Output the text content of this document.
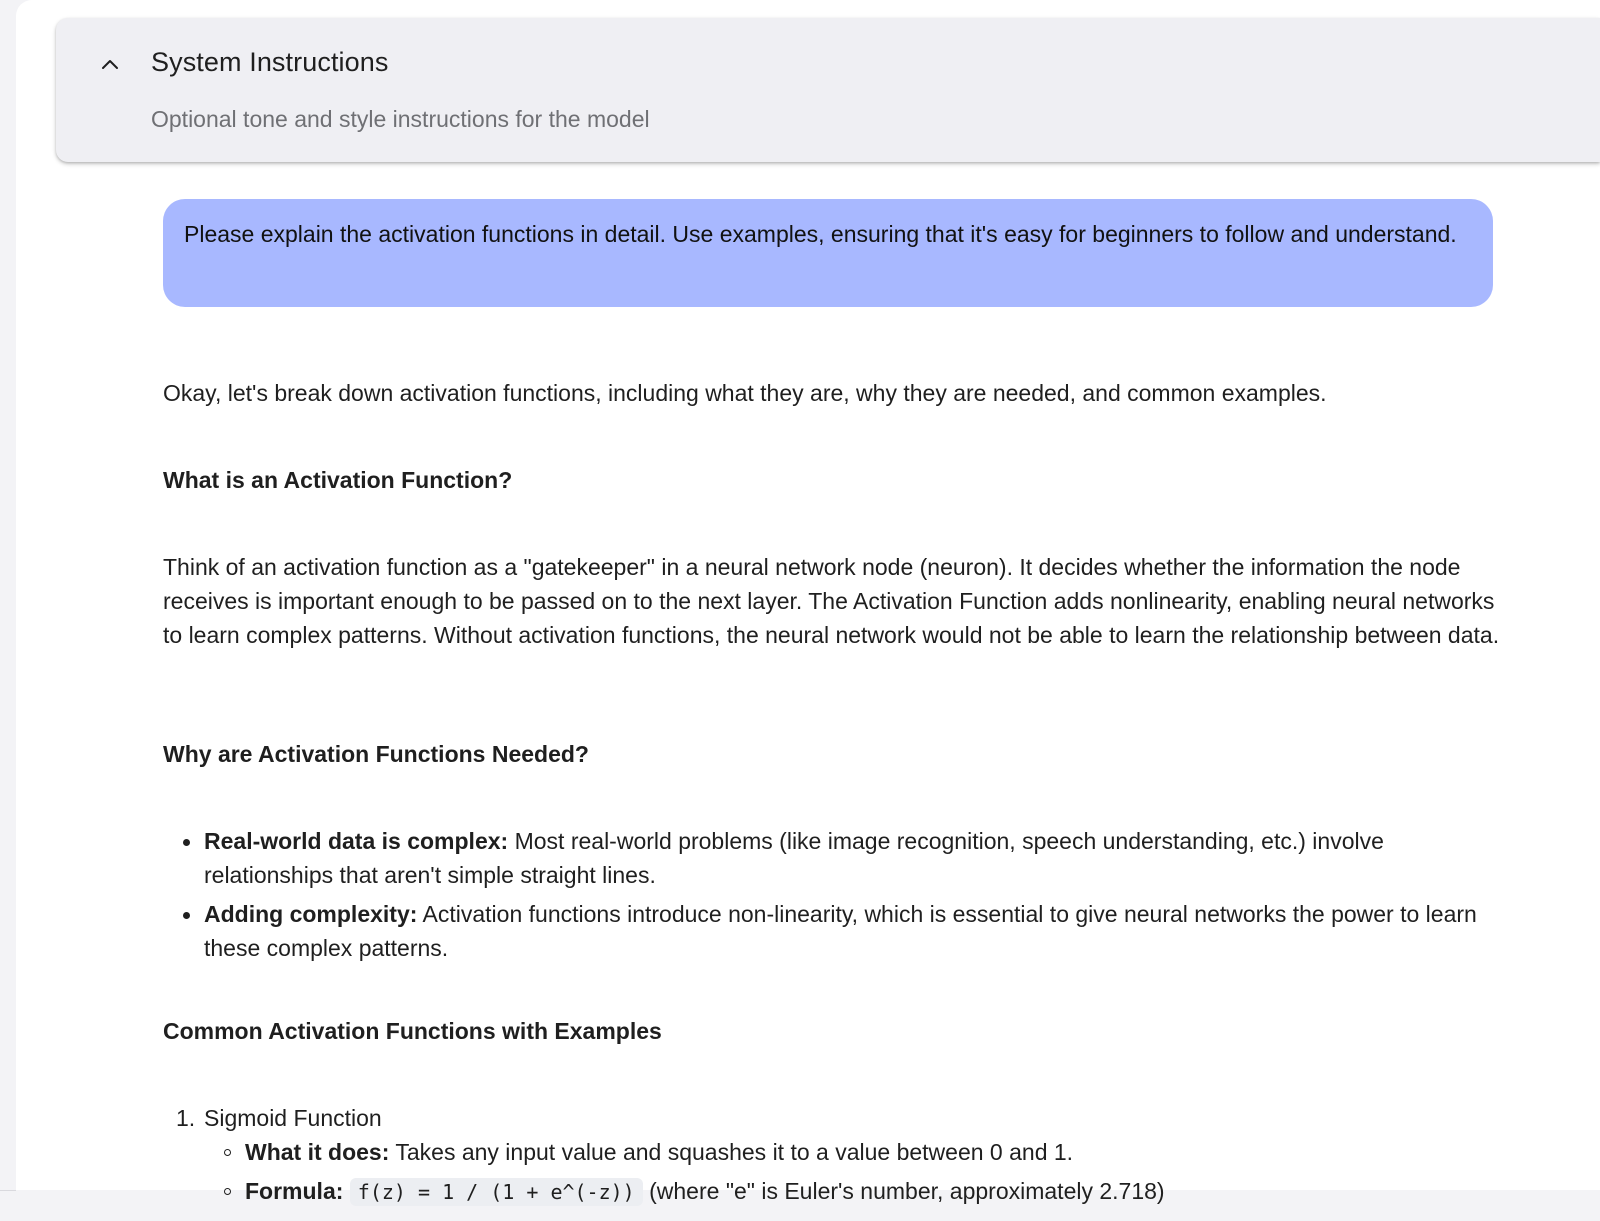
System Instructions
Optional tone and style instructions for the model
Please explain the activation functions in detail. Use examples, ensuring that it's easy for beginners to follow and understand.

Okay, let's break down activation functions, including what they are, why they are needed, and common examples.

What is an Activation Function?

Think of an activation function as a "gatekeeper" in a neural network node (neuron). It decides whether the information the node receives is important enough to be passed on to the next layer. The Activation Function adds nonlinearity, enabling neural networks to learn complex patterns. Without activation functions, the neural network would not be able to learn the relationship between data.

Why are Activation Functions Needed?

Real-world data is complex: Most real-world problems (like image recognition, speech understanding, etc.) involve relationships that aren't simple straight lines.
Adding complexity: Activation functions introduce non-linearity, which is essential to give neural networks the power to learn these complex patterns.

Common Activation Functions with Examples

1. Sigmoid Function
What it does: Takes any input value and squashes it to a value between 0 and 1.
Formula: f(z) = 1 / (1 + e^(-z)) (where "e" is Euler's number, approximately 2.718)
